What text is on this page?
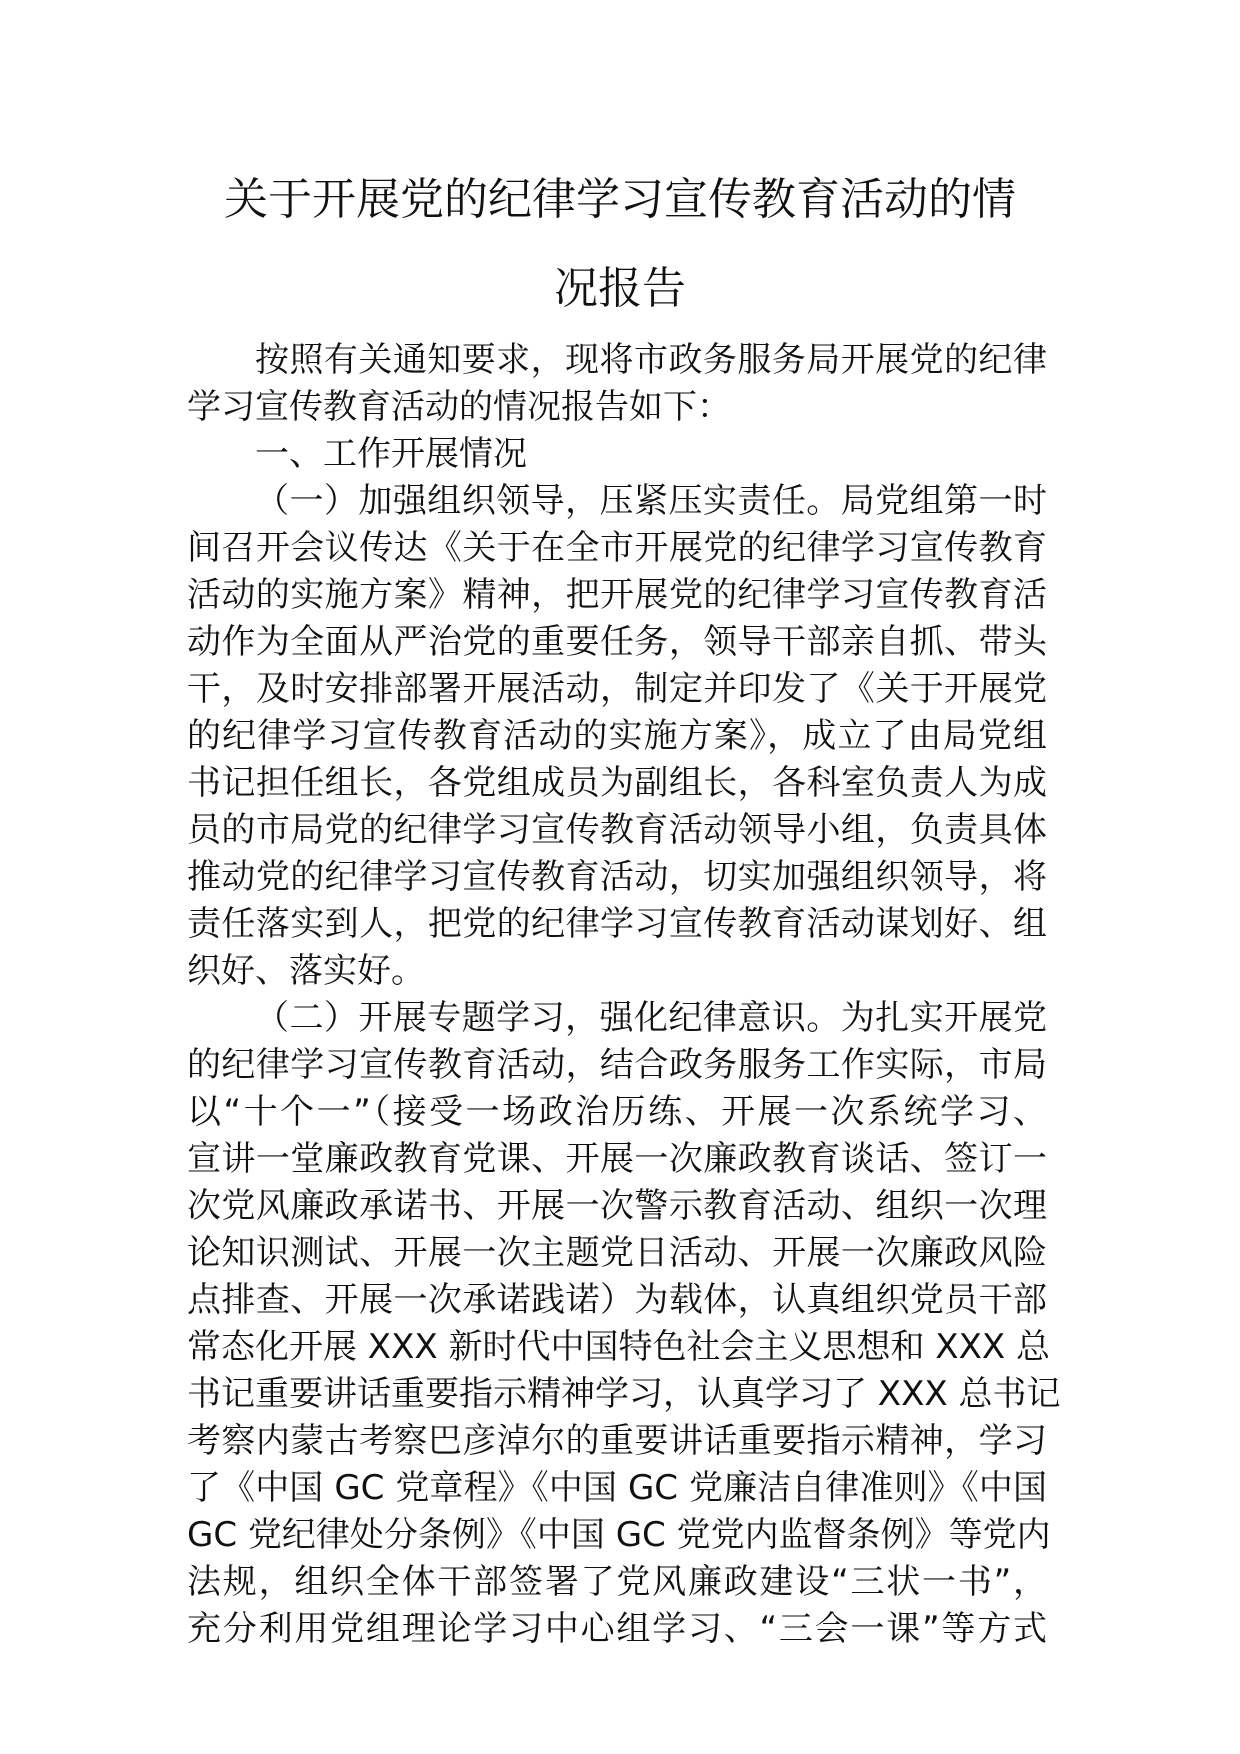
关于开展党的纪律学习宣传教育活动的情
况报告
按照有关通知要求，现将市政务服务局开展党的纪律
学习宣传教育活动的情况报告如下：
一、工作开展情况
（一）加强组织领导，压紧压实责任。局党组第一时
间召开会议传达《关于在全市开展党的纪律学习宣传教育
活动的实施方案》精神，把开展党的纪律学习宣传教育活
动作为全面从严治党的重要任务，领导干部亲自抓、带头
干，及时安排部署开展活动，制定并印发了《关于开展党
的纪律学习宣传教育活动的实施方案》，成立了由局党组
书记担任组长，各党组成员为副组长，各科室负责人为成
员的市局党的纪律学习宣传教育活动领导小组，负责具体
推动党的纪律学习宣传教育活动，切实加强组织领导，将
责任落实到人，把党的纪律学习宣传教育活动谋划好、组
织好、落实好。
（二）开展专题学习，强化纪律意识。为扎实开展党
的纪律学习宣传教育活动，结合政务服务工作实际，市局
以“十个一”（接受一场政治历练、开展一次系统学习、
宣讲一堂廉政教育党课、开展一次廉政教育谈话、签订一
次党风廉政承诺书、开展一次警示教育活动、组织一次理
论知识测试、开展一次主题党日活动、开展一次廉政风险
点排查、开展一次承诺践诺）为载体，认真组织党员干部
常态化开展 XXX 新时代中国特色社会主义思想和 XXX 总
书记重要讲话重要指示精神学习，认真学习了 XXX 总书记
考察内蒙古考察巴彦淖尔的重要讲话重要指示精神，学习
了《中国 GC 党章程》《中国 GC 党廉洁自律准则》《中国
GC 党纪律处分条例》《中国 GC 党党内监督条例》等党内
法规，组织全体干部签署了党风廉政建设“三状一书”，
充分利用党组理论学习中心组学习、“三会一课”等方式
